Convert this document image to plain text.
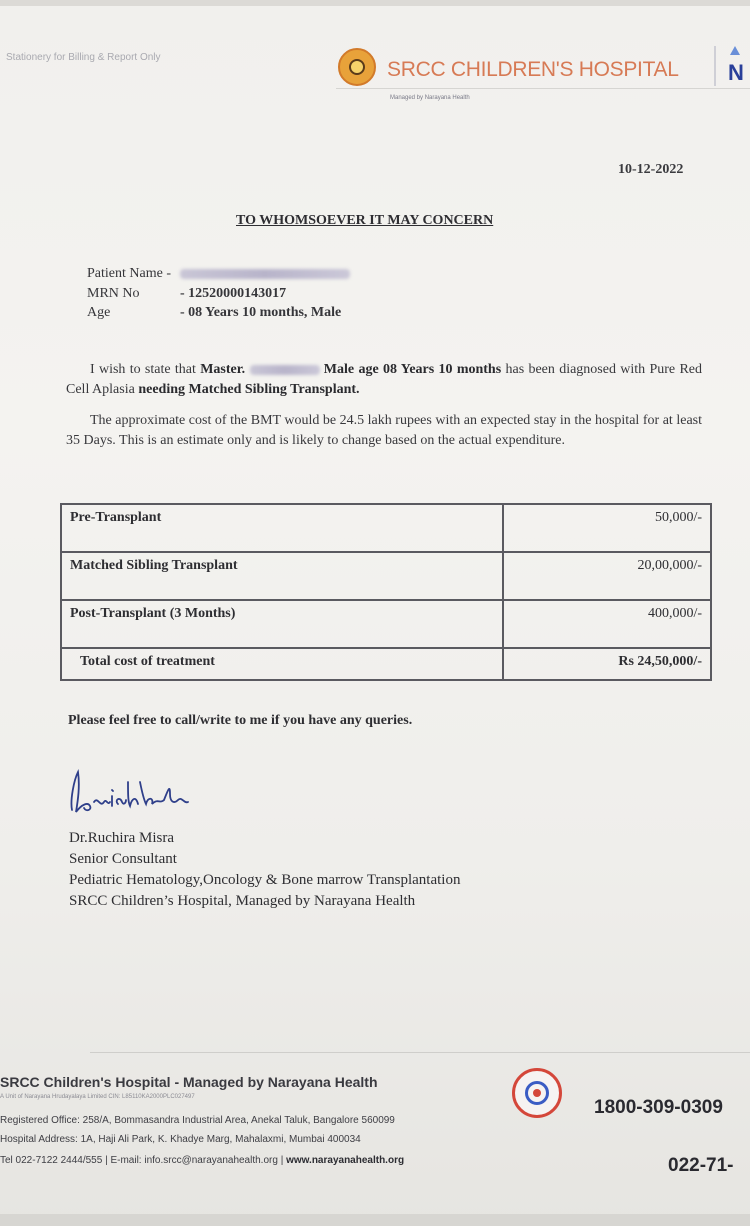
Stationery for Billing & Report Only
SRCC CHILDREN'S HOSPITAL N
Managed by Narayana Health
10-12-2022
TO WHOMSOEVER IT MAY CONCERN
Patient Name -
MRN No	- 12520000143017
Age	- 08 Years 10 months, Male
I wish to state that Master.	Male age 08 Years 10 months has been diagnosed with Pure Red Cell Aplasia needing Matched Sibling Transplant.
The approximate cost of the BMT would be 24.5 lakh rupees with an expected stay in the hospital for at least 35 Days. This is an estimate only and is likely to change based on the actual expenditure.
Pre-Transplant	50,000/-
Matched Sibling Transplant	20,00,000/-
Post-Transplant (3 Months)	400,000/-
Total cost of treatment	Rs 24,50,000/-
Please feel free to call/write to me if you have any queries.
Dr.Ruchira Misra
Senior Consultant
Pediatric Hematology,Oncology & Bone marrow Transplantation
SRCC Children’s Hospital, Managed by Narayana Health
SRCC Children's Hospital - Managed by Narayana Health
A Unit of Narayana Hrudayalaya Limited CIN: L85110KA2000PLC027497
Registered Office: 258/A, Bommasandra Industrial Area, Anekal Taluk, Bangalore 560099
Hospital Address: 1A, Haji Ali Park, K. Khadye Marg, Mahalaxmi, Mumbai 400034
Tel 022-7122 2444/555 | E-mail: info.srcc@narayanahealth.org | www.narayanahealth.org
1800-309-0309
022-71-
